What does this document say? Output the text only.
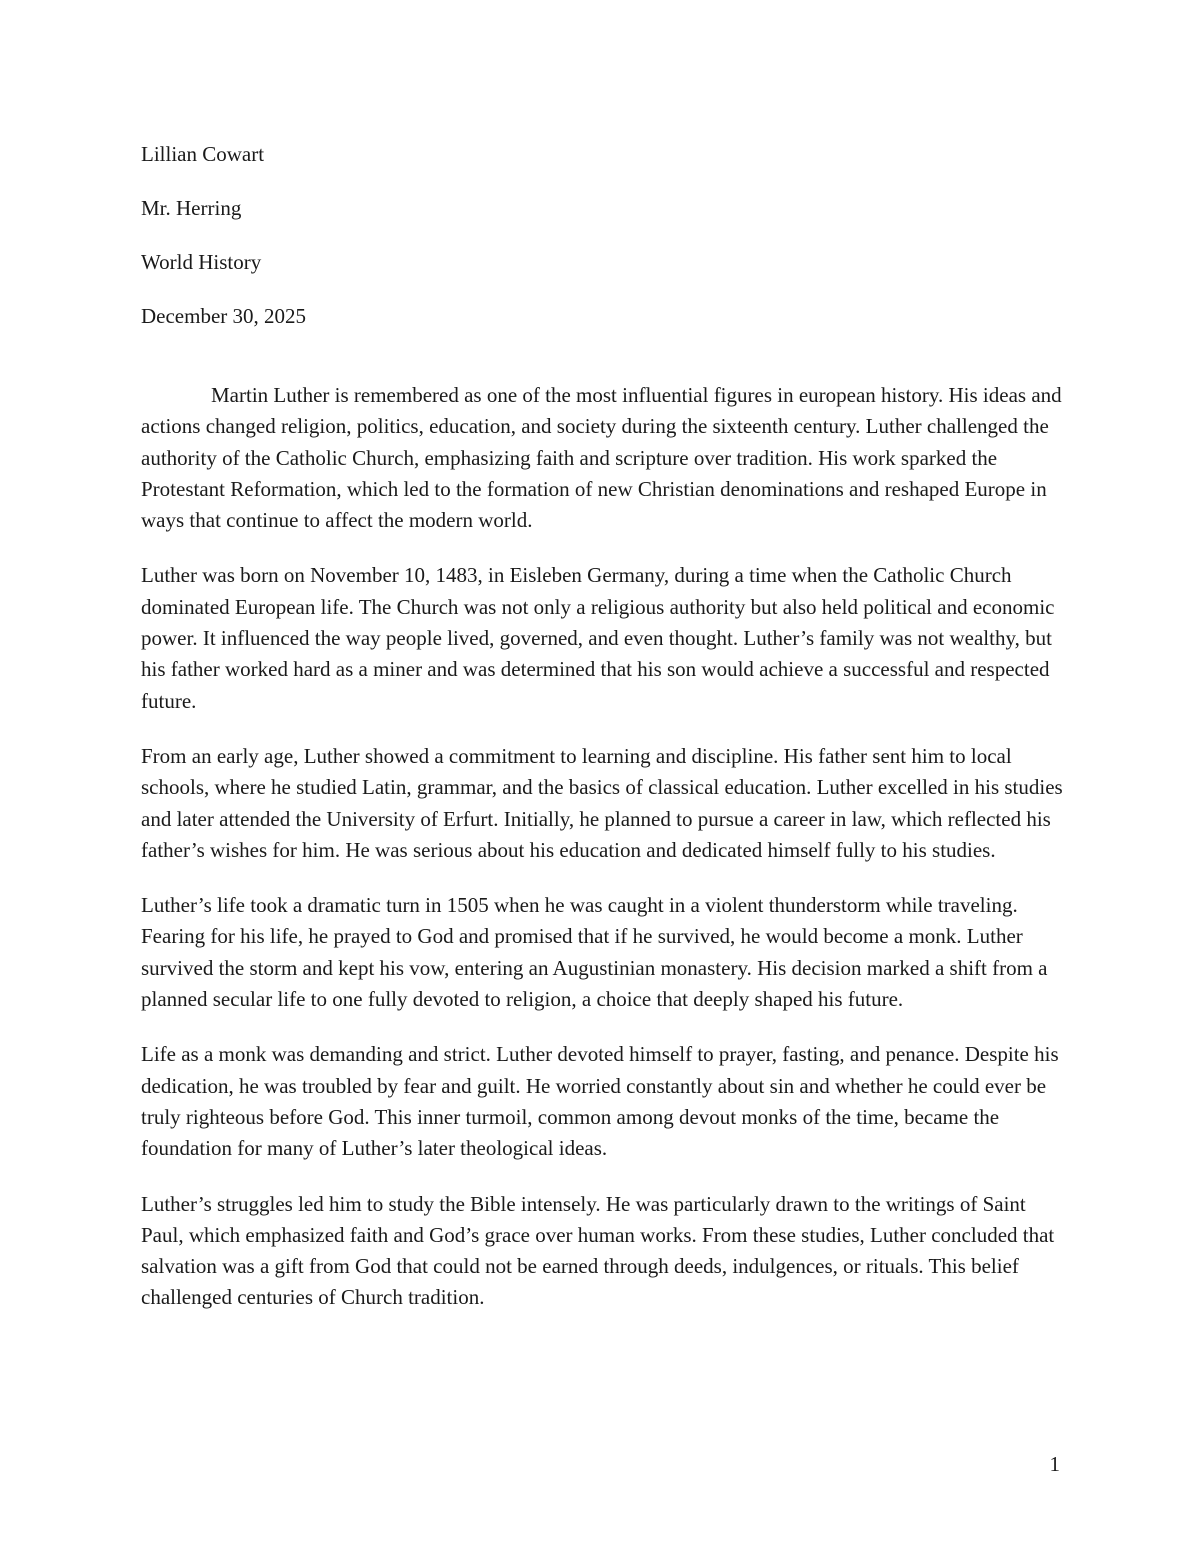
Lillian Cowart
Mr. Herring
World History
December 30, 2025

Martin Luther is remembered as one of the most influential figures in european history. His ideas and actions changed religion, politics, education, and society during the sixteenth century. Luther challenged the authority of the Catholic Church, emphasizing faith and scripture over tradition. His work sparked the Protestant Reformation, which led to the formation of new Christian denominations and reshaped Europe in ways that continue to affect the modern world.

Luther was born on November 10, 1483, in Eisleben Germany, during a time when the Catholic Church dominated European life. The Church was not only a religious authority but also held political and economic power. It influenced the way people lived, governed, and even thought. Luther’s family was not wealthy, but his father worked hard as a miner and was determined that his son would achieve a successful and respected future.

From an early age, Luther showed a commitment to learning and discipline. His father sent him to local schools, where he studied Latin, grammar, and the basics of classical education. Luther excelled in his studies and later attended the University of Erfurt. Initially, he planned to pursue a career in law, which reflected his father’s wishes for him. He was serious about his education and dedicated himself fully to his studies.

Luther’s life took a dramatic turn in 1505 when he was caught in a violent thunderstorm while traveling. Fearing for his life, he prayed to God and promised that if he survived, he would become a monk. Luther survived the storm and kept his vow, entering an Augustinian monastery. His decision marked a shift from a planned secular life to one fully devoted to religion, a choice that deeply shaped his future.

Life as a monk was demanding and strict. Luther devoted himself to prayer, fasting, and penance. Despite his dedication, he was troubled by fear and guilt. He worried constantly about sin and whether he could ever be truly righteous before God. This inner turmoil, common among devout monks of the time, became the foundation for many of Luther’s later theological ideas.

Luther’s struggles led him to study the Bible intensely. He was particularly drawn to the writings of Saint Paul, which emphasized faith and God’s grace over human works. From these studies, Luther concluded that salvation was a gift from God that could not be earned through deeds, indulgences, or rituals. This belief challenged centuries of Church tradition.

1
